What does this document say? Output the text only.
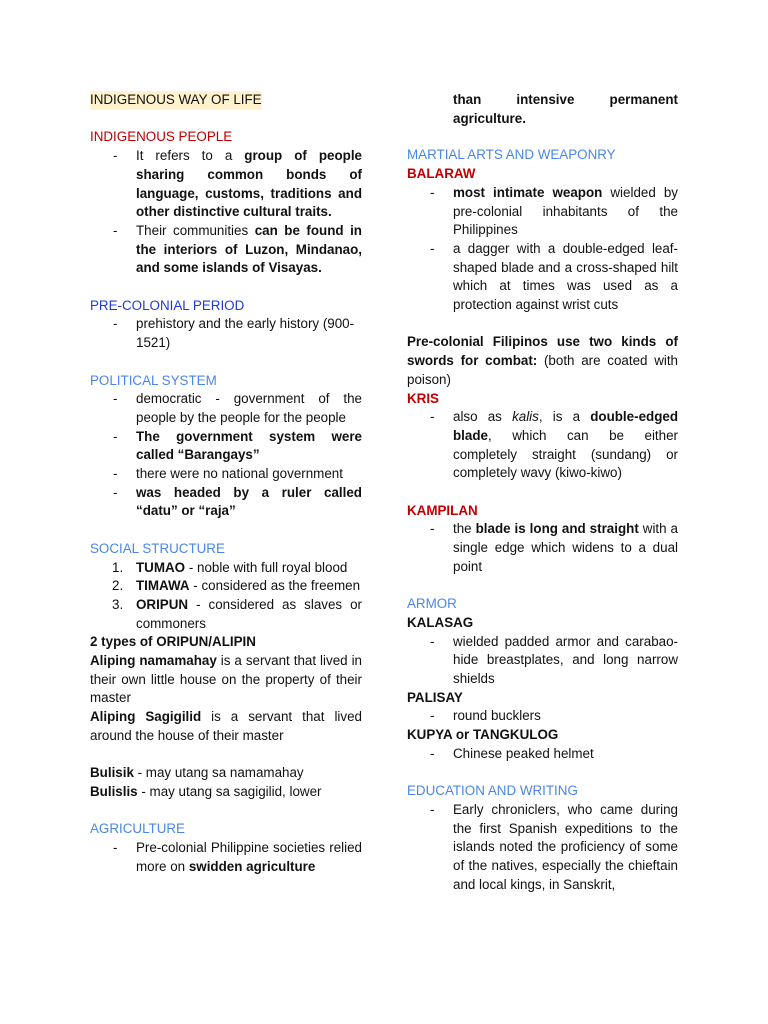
INDIGENOUS WAY OF LIFE
INDIGENOUS PEOPLE
- It refers to a group of people sharing common bonds of language, customs, traditions and other distinctive cultural traits.
- Their communities can be found in the interiors of Luzon, Mindanao, and some islands of Visayas.
PRE-COLONIAL PERIOD
- prehistory and the early history (900-1521)
POLITICAL SYSTEM
- democratic - government of the people by the people for the people
- The government system were called “Barangays”
- there were no national government
- was headed by a ruler called “datu” or “raja”
SOCIAL STRUCTURE
1. TUMAO - noble with full royal blood
2. TIMAWA - considered as the freemen
3. ORIPUN - considered as slaves or commoners
2 types of ORIPUN/ALIPIN
Aliping namamahay is a servant that lived in their own little house on the property of their master
Aliping Sagigilid is a servant that lived around the house of their master
Bulisik - may utang sa namamahay
Bulislis - may utang sa sagigilid, lower
AGRICULTURE
- Pre-colonial Philippine societies relied more on swidden agriculture
than intensive permanent agriculture.
MARTIAL ARTS AND WEAPONRY
BALARAW
- most intimate weapon wielded by pre-colonial inhabitants of the Philippines
- a dagger with a double-edged leaf-shaped blade and a cross-shaped hilt which at times was used as a protection against wrist cuts
Pre-colonial Filipinos use two kinds of swords for combat: (both are coated with poison)
KRIS
- also as kalis, is a double-edged blade, which can be either completely straight (sundang) or completely wavy (kiwo-kiwo)
KAMPILAN
- the blade is long and straight with a single edge which widens to a dual point
ARMOR
KALASAG
- wielded padded armor and carabao-hide breastplates, and long narrow shields
PALISAY
- round bucklers
KUPYA or TANGKULOG
- Chinese peaked helmet
EDUCATION AND WRITING
- Early chroniclers, who came during the first Spanish expeditions to the islands noted the proficiency of some of the natives, especially the chieftain and local kings, in Sanskrit,
